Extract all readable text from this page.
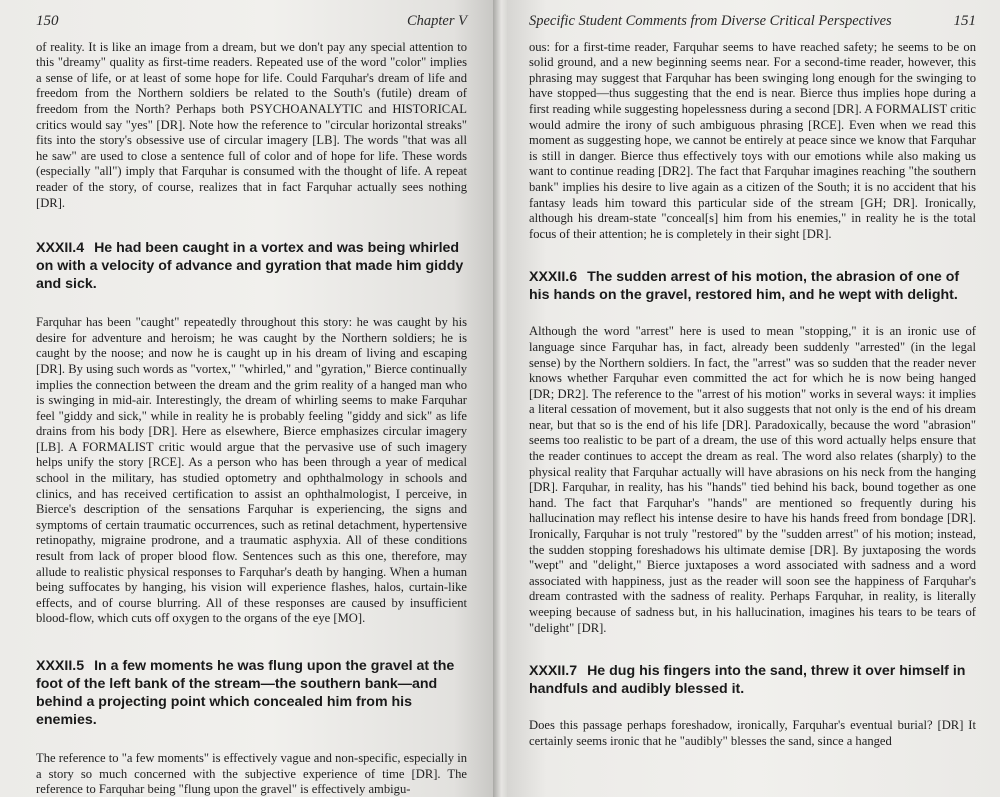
150	Chapter V

of reality. It is like an image from a dream, but we don't pay any special attention to this "dreamy" quality as first-time readers. Repeated use of the word "color" implies a sense of life, or at least of some hope for life. Could Farquhar's dream of life and freedom from the Northern soldiers be related to the South's (futile) dream of freedom from the North? Perhaps both PSYCHOANALYTIC and HISTORICAL critics would say "yes" [DR]. Note how the reference to "circular horizontal streaks" fits into the story's obsessive use of circular imagery [LB]. The words "that was all he saw" are used to close a sentence full of color and of hope for life. These words (especially "all") imply that Farquhar is consumed with the thought of life. A repeat reader of the story, of course, realizes that in fact Farquhar actually sees nothing [DR].

XXXII.4 He had been caught in a vortex and was being whirled on with a velocity of advance and gyration that made him giddy and sick.

Farquhar has been "caught" repeatedly throughout this story: he was caught by his desire for adventure and heroism; he was caught by the Northern soldiers; he is caught by the noose; and now he is caught up in his dream of living and escaping [DR]. By using such words as "vortex," "whirled," and "gyration," Bierce continually implies the connection between the dream and the grim reality of a hanged man who is swinging in mid-air. Interestingly, the dream of whirling seems to make Farquhar feel "giddy and sick," while in reality he is probably feeling "giddy and sick" as life drains from his body [DR]. Here as elsewhere, Bierce emphasizes circular imagery [LB]. A FORMALIST critic would argue that the pervasive use of such imagery helps unify the story [RCE]. As a person who has been through a year of medical school in the military, has studied optometry and ophthalmology in schools and clinics, and has received certification to assist an ophthalmologist, I perceive, in Bierce's description of the sensations Farquhar is experiencing, the signs and symptoms of certain traumatic occurrences, such as retinal detachment, hypertensive retinopathy, migraine prodrone, and a traumatic asphyxia. All of these conditions result from lack of proper blood flow. Sentences such as this one, therefore, may allude to realistic physical responses to Farquhar's death by hanging. When a human being suffocates by hanging, his vision will experience flashes, halos, curtain-like effects, and of course blurring. All of these responses are caused by insufficient blood-flow, which cuts off oxygen to the organs of the eye [MO].

XXXII.5 In a few moments he was flung upon the gravel at the foot of the left bank of the stream—the southern bank—and behind a projecting point which concealed him from his enemies.

The reference to "a few moments" is effectively vague and non-specific, especially in a story so much concerned with the subjective experience of time [DR]. The reference to Farquhar being "flung upon the gravel" is effectively ambigu-

Specific Student Comments from Diverse Critical Perspectives	151

ous: for a first-time reader, Farquhar seems to have reached safety; he seems to be on solid ground, and a new beginning seems near. For a second-time reader, however, this phrasing may suggest that Farquhar has been swinging long enough for the swinging to have stopped—thus suggesting that the end is near. Bierce thus implies hope during a first reading while suggesting hopelessness during a second [DR]. A FORMALIST critic would admire the irony of such ambiguous phrasing [RCE]. Even when we read this moment as suggesting hope, we cannot be entirely at peace since we know that Farquhar is still in danger. Bierce thus effectively toys with our emotions while also making us want to continue reading [DR2]. The fact that Farquhar imagines reaching "the southern bank" implies his desire to live again as a citizen of the South; it is no accident that his fantasy leads him toward this particular side of the stream [GH; DR]. Ironically, although his dream-state "conceal[s] him from his enemies," in reality he is the total focus of their attention; he is completely in their sight [DR].

XXXII.6 The sudden arrest of his motion, the abrasion of one of his hands on the gravel, restored him, and he wept with delight.

Although the word "arrest" here is used to mean "stopping," it is an ironic use of language since Farquhar has, in fact, already been suddenly "arrested" (in the legal sense) by the Northern soldiers. In fact, the "arrest" was so sudden that the reader never knows whether Farquhar even committed the act for which he is now being hanged [DR; DR2]. The reference to the "arrest of his motion" works in several ways: it implies a literal cessation of movement, but it also suggests that not only is the end of his dream near, but that so is the end of his life [DR]. Paradoxically, because the word "abrasion" seems too realistic to be part of a dream, the use of this word actually helps ensure that the reader continues to accept the dream as real. The word also relates (sharply) to the physical reality that Farquhar actually will have abrasions on his neck from the hanging [DR]. Farquhar, in reality, has his "hands" tied behind his back, bound together as one hand. The fact that Farquhar's "hands" are mentioned so frequently during his hallucination may reflect his intense desire to have his hands freed from bondage [DR]. Ironically, Farquhar is not truly "restored" by the "sudden arrest" of his motion; instead, the sudden stopping foreshadows his ultimate demise [DR]. By juxtaposing the words "wept" and "delight," Bierce juxtaposes a word associated with sadness and a word associated with happiness, just as the reader will soon see the happiness of Farquhar's dream contrasted with the sadness of reality. Perhaps Farquhar, in reality, is literally weeping because of sadness but, in his hallucination, imagines his tears to be tears of "delight" [DR].

XXXII.7 He dug his fingers into the sand, threw it over himself in handfuls and audibly blessed it.

Does this passage perhaps foreshadow, ironically, Farquhar's eventual burial? [DR] It certainly seems ironic that he "audibly" blesses the sand, since a hanged
